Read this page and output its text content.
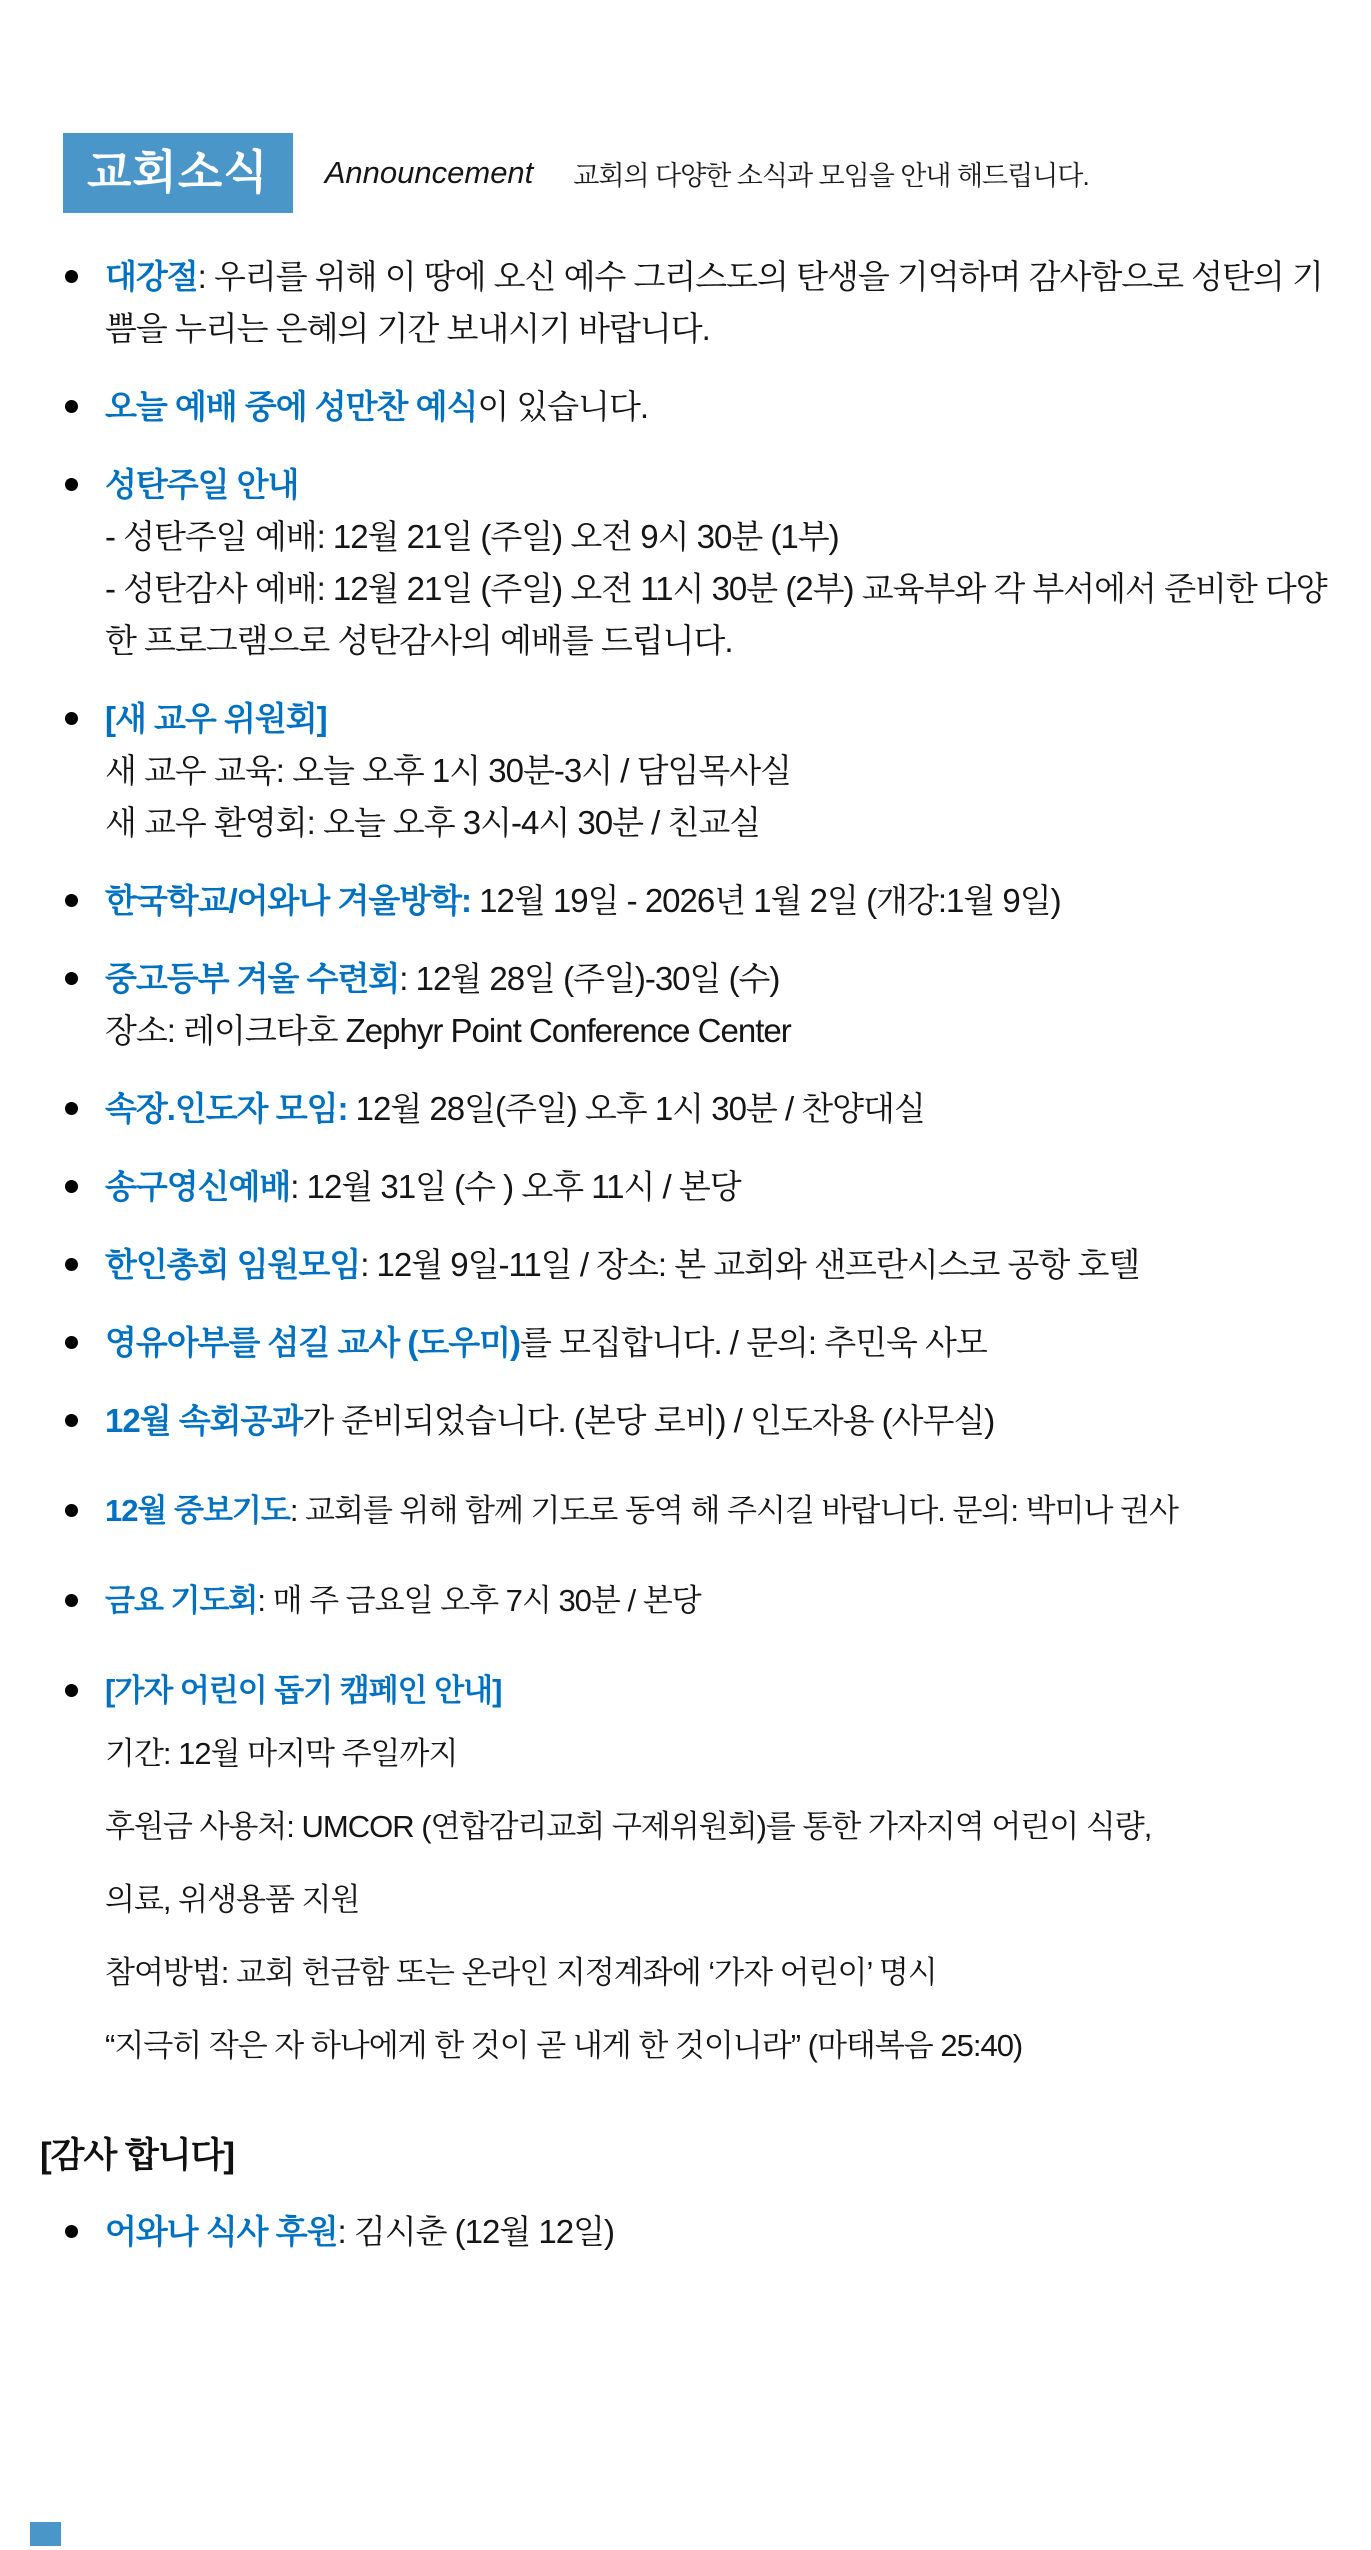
교회소식	Announcement 교회의 다양한 소식과 모임을 안내 해드립니다.
대강절: 우리를 위해 이 땅에 오신 예수 그리스도의 탄생을 기억하며 감사함으로 성탄의 기쁨을 누리는 은혜의 기간 보내시기 바랍니다.
오늘 예배 중에 성만찬 예식이 있습니다.
성탄주일 안내
- 성탄주일 예배: 12월 21일 (주일) 오전 9시 30분 (1부)
- 성탄감사 예배: 12월 21일 (주일) 오전 11시 30분 (2부) 교육부와 각 부서에서 준비한 다양한 프로그램으로 성탄감사의 예배를 드립니다.
[새 교우 위원회]
새 교우 교육: 오늘 오후 1시 30분-3시 / 담임목사실
새 교우 환영회: 오늘 오후 3시-4시 30분 / 친교실
한국학교/어와나 겨울방학: 12월 19일 - 2026년 1월 2일 (개강:1월 9일)
중고등부 겨울 수련회: 12월 28일 (주일)-30일 (수)
장소: 레이크타호 Zephyr Point Conference Center
속장.인도자 모임: 12월 28일(주일) 오후 1시 30분 / 찬양대실
송구영신예배: 12월 31일 (수 ) 오후 11시 / 본당
한인총회 임원모임: 12월 9일-11일 / 장소: 본 교회와 샌프란시스코 공항 호텔
영유아부를 섬길 교사 (도우미)를 모집합니다. / 문의: 추민욱 사모
12월 속회공과가 준비되었습니다. (본당 로비) / 인도자용 (사무실)
12월 중보기도: 교회를 위해 함께 기도로 동역 해 주시길 바랍니다. 문의: 박미나 권사
금요 기도회: 매 주 금요일 오후 7시 30분 / 본당
[가자 어린이 돕기 캠페인 안내]
기간: 12월 마지막 주일까지
후원금 사용처: UMCOR (연합감리교회 구제위원회)를 통한 가자지역 어린이 식량,
의료, 위생용품 지원
참여방법: 교회 헌금함 또는 온라인 지정계좌에 ‘가자 어린이’ 명시
“지극히 작은 자 하나에게 한 것이 곧 내게 한 것이니라” (마태복음 25:40)
[감사 합니다]
어와나 식사 후원: 김시춘 (12월 12일)
